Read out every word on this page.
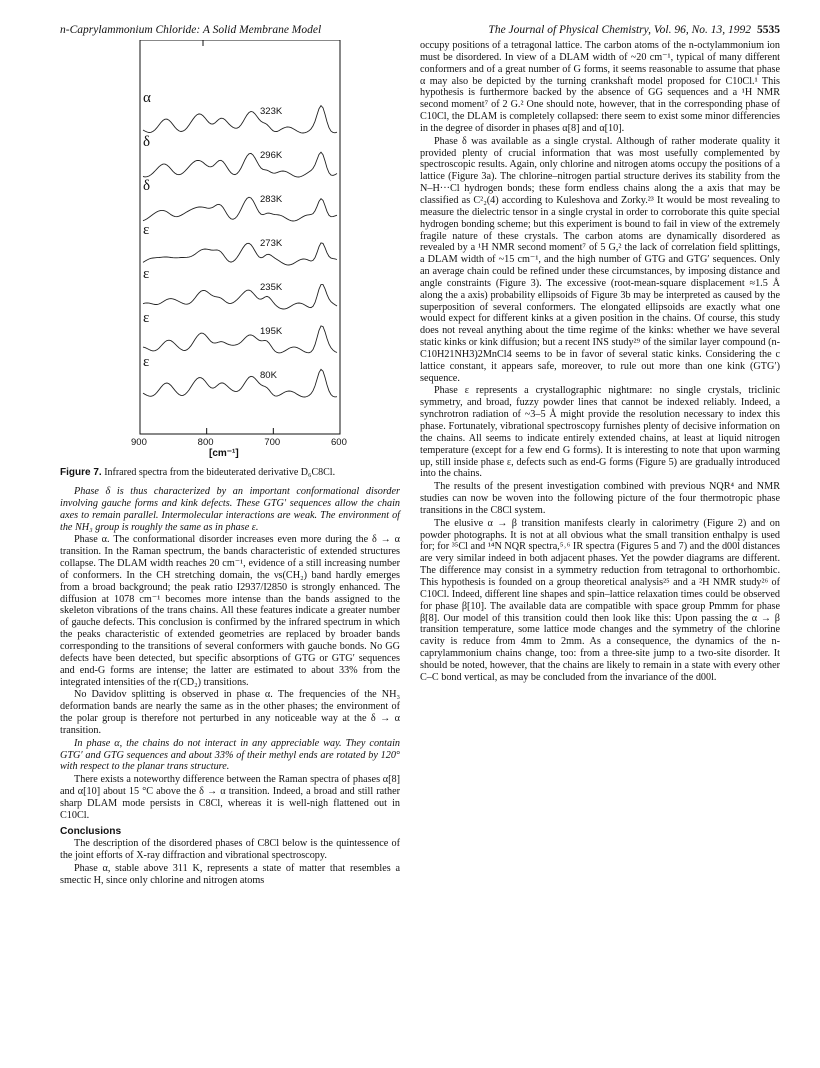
n-Caprylammonium Chloride: A Solid Membrane Model	The Journal of Physical Chemistry, Vol. 96, No. 13, 1992 5535
[cm⁻¹]
α
323K
δ
296K
δ
283K
ε
273K
ε
235K
ε
195K
ε
80K
900	800	700	600
Figure 7. Infrared spectra from the bideuterated derivative D₆C8Cl.

Phase δ is thus characterized by an important conformational disorder involving gauche forms and kink defects. These GTG′ sequences allow the chain axes to remain parallel. Intermolecular interactions are weak. The environment of the NH₃ group is roughly the same as in phase ε.

Phase α. The conformational disorder increases even more during the δ → α transition. In the Raman spectrum, the bands characteristic of extended structures collapse. The DLAM width reaches 20 cm⁻¹, evidence of a still increasing number of conformers. In the CH stretching domain, the νs(CH₂) band hardly emerges from a broad background; the peak ratio I2937/I2850 is strongly enhanced. The diffusion at 1078 cm⁻¹ becomes more intense than the bands assigned to the skeleton vibrations of the trans chains. All these features indicate a greater number of gauche defects. This conclusion is confirmed by the infrared spectrum in which the peaks characteristic of extended geometries are replaced by broader bands corresponding to the transitions of several conformers with gauche bonds. No GG defects have been detected, but specific absorptions of GTG or GTG′ sequences and end-G forms are intense; the latter are estimated to about 33% from the integrated intensities of the r(CD₂) transitions.

No Davidov splitting is observed in phase α. The frequencies of the NH₃ deformation bands are nearly the same as in the other phases; the environment of the polar group is therefore not perturbed in any noticeable way at the δ → α transition.

In phase α, the chains do not interact in any appreciable way. They contain GTG′ and GTG sequences and about 33% of their methyl ends are rotated by 120° with respect to the planar trans structure.

There exists a noteworthy difference between the Raman spectra of phases α[8] and α[10] about 15 °C above the δ → α transition. Indeed, a broad and still rather sharp DLAM mode persists in C8Cl, whereas it is well-nigh flattened out in C10Cl.

Conclusions

The description of the disordered phases of C8Cl below is the quintessence of the joint efforts of X-ray diffraction and vibrational spectroscopy.

Phase α, stable above 311 K, represents a state of matter that resembles a smectic H, since only chlorine and nitrogen atoms

occupy positions of a tetragonal lattice. The carbon atoms of the n-octylammonium ion must be disordered. In view of a DLAM width of ~20 cm⁻¹, typical of many different conformers and of a great number of G forms, it seems reasonable to assume that phase α may also be depicted by the turning crankshaft model proposed for C10Cl.¹ This hypothesis is furthermore backed by the absence of GG sequences and a ¹H NMR second moment⁷ of 2 G.² One should note, however, that in the corresponding phase of C10Cl, the DLAM is completely collapsed: there seem to exist some minor differencies in the degree of disorder in phases α[8] and α[10].

Phase δ was available as a single crystal. Although of rather moderate quality it provided plenty of crucial information that was most usefully complemented by spectroscopic results. Again, only chlorine and nitrogen atoms occupy the positions of a lattice (Figure 3a). The chlorine–nitrogen partial structure derives its stability from the N–H···Cl hydrogen bonds; these form endless chains along the a axis that may be classified as C²₂(4) according to Kuleshova and Zorky.²³ It would be most revealing to measure the dielectric tensor in a single crystal in order to corroborate this quite special hydrogen bonding scheme; but this experiment is bound to fail in view of the extremely fragile nature of these crystals. The carbon atoms are dynamically disordered as revealed by a ¹H NMR second moment⁷ of 5 G,² the lack of correlation field splittings, a DLAM width of ~15 cm⁻¹, and the high number of GTG and GTG′ sequences. Only an average chain could be refined under these circumstances, by imposing distance and angle constraints (Figure 3). The excessive (root-mean-square displacement ≈1.5 Å along the a axis) probability ellipsoids of Figure 3b may be interpreted as caused by the superposition of several conformers. The elongated ellipsoids are exactly what one would expect for different kinks at a given position in the chains. Of course, this study does not reveal anything about the time regime of the kinks: whether we have several static kinks or kink diffusion; but a recent INS study²⁹ of the similar layer compound (n-C10H21NH3)2MnCl4 seems to be in favor of several static kinks. Considering the c lattice constant, it appears safe, moreover, to rule out more than one kink (GTG′) sequence.

Phase ε represents a crystallographic nightmare: no single crystals, triclinic symmetry, and broad, fuzzy powder lines that cannot be indexed reliably. Indeed, a synchrotron radiation of ~3–5 Å might provide the resolution necessary to index this phase. Fortunately, vibrational spectroscopy furnishes plenty of decisive information on the chains. All seems to indicate entirely extended chains, at least at liquid nitrogen temperature (except for a few end G forms). It is interesting to note that upon warming up, still inside phase ε, defects such as end-G forms (Figure 5) are gradually introduced into the chains.

The results of the present investigation combined with previous NQR⁴ and NMR studies can now be woven into the following picture of the four thermotropic phase transitions in the C8Cl system.

The elusive α → β transition manifests clearly in calorimetry (Figure 2) and on powder photographs. It is not at all obvious what the small transition enthalpy is used for; for ³⁵Cl and ¹⁴N NQR spectra,⁵˒⁶ IR spectra (Figures 5 and 7) and the d00l distances are very similar indeed in both adjacent phases. Yet the powder diagrams are different. The difference may consist in a symmetry reduction from tetragonal to orthorhombic. This hypothesis is founded on a group theoretical analysis²⁵ and a ²H NMR study²⁶ of C10Cl. Indeed, different line shapes and spin–lattice relaxation times could be observed for phase β[10]. The available data are compatible with space group Pmmm for phase β[8]. Our model of this transition could then look like this: Upon passing the α → β transition temperature, some lattice mode changes and the symmetry of the chlorine cavity is reduce from 4mm to 2mm. As a consequence, the dynamics of the n-caprylammonium chains change, too: from a three-site jump to a two-site disorder. It should be noted, however, that the chains are likely to remain in a state with every other C–C bond vertical, as may be concluded from the invariance of the d00l.
